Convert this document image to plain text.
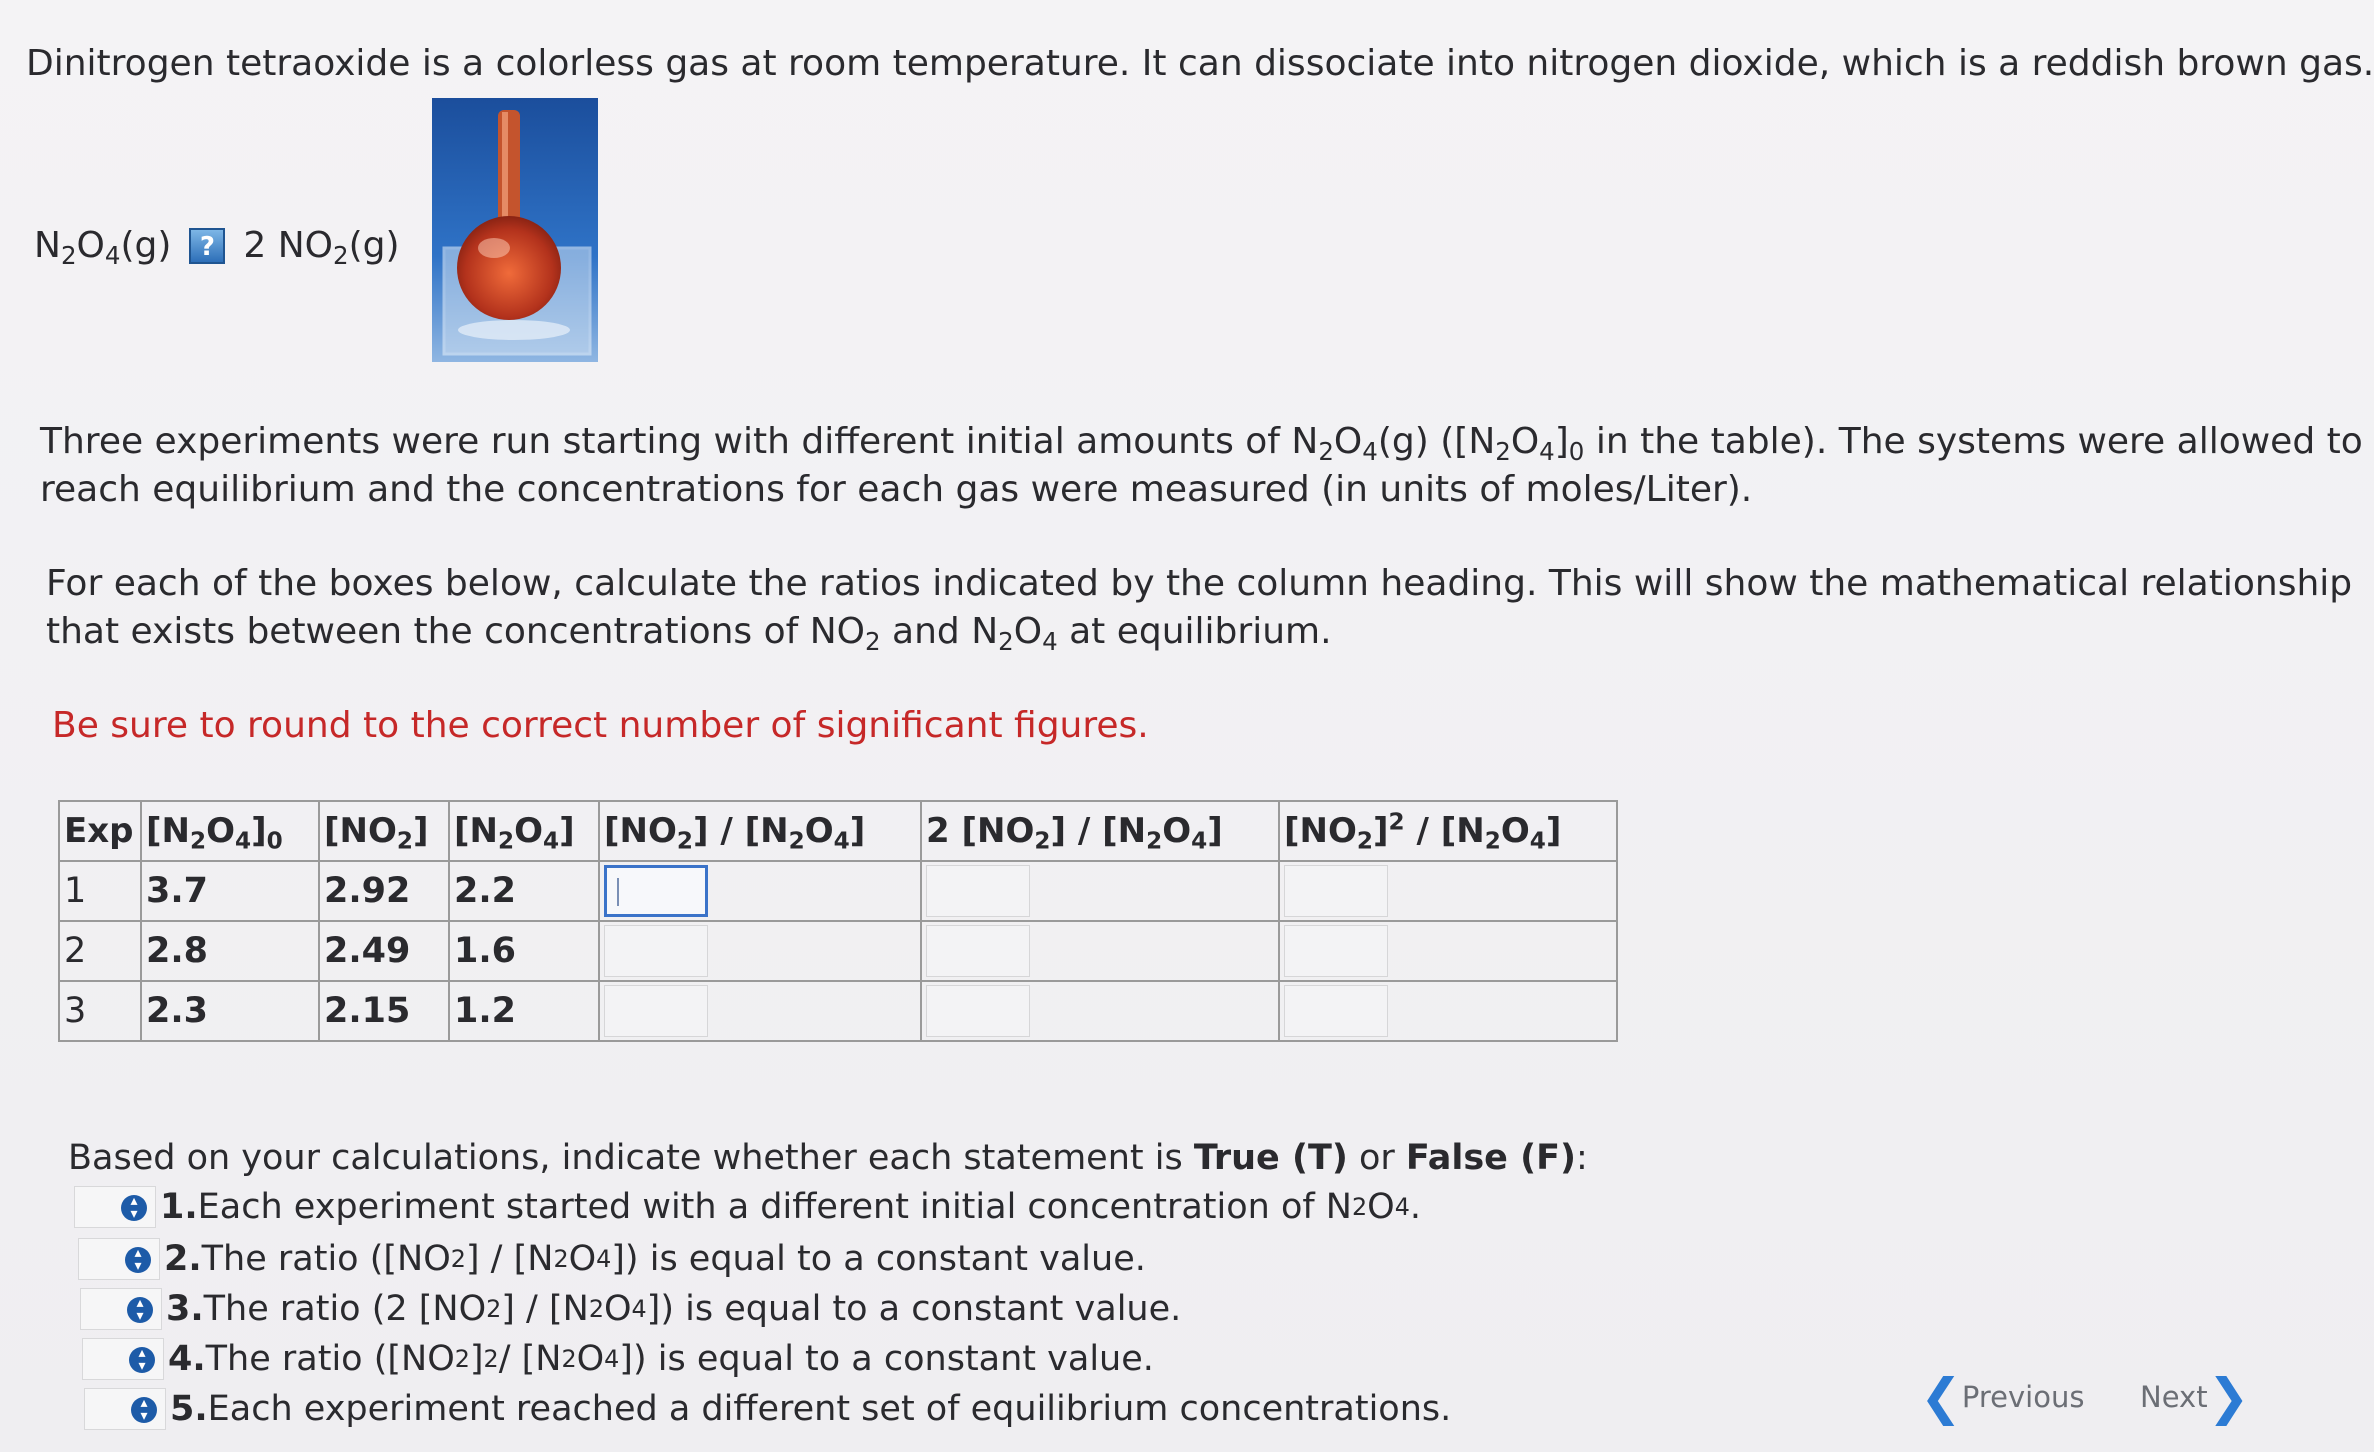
Dinitrogen tetraoxide is a colorless gas at room temperature. It can dissociate into nitrogen dioxide, which is a reddish brown gas.

$N_2O_4(g)$	? 2 $NO_2(g)$
Three experiments were run starting with different initial amounts of $N_2O_4(g)$ ($[N_2O_4]_0$ in the table). The systems were allowed to

reach equilibrium and the concentrations for each gas were measured (in units of moles/Liter).

For each of the boxes below, calculate the ratios indicated by the column heading. This will show the mathematical relationship

that exists between the concentrations of $NO_2$ and $N_2O_4$ at equilibrium.

Be sure to round to the correct number of significant figures.

Exp	$[N_2O_4]_0$	$[NO_2]$	$[N_2O_4]$	$[NO_2] / [N_2O_4]$	2 $[NO_2] / [N_2O_4]$	$[NO_2]^2 / [N_2O_4]$
1	3.7	2.92	2.2	

2	2.8	2.49	1.6	

3	2.3	2.15	1.2	

Based on your calculations, indicate whether each statement is True (T) or False (F):
▴
▾ 1. Each experiment started with a different initial concentration of N 2 O 4 .
▴
▾ 2. The ratio ([NO 2 ] / [N 2 O 4 ]) is equal to a constant value.
▴
▾ 3. The ratio (2 [NO 2 ] / [N 2 O 4 ]) is equal to a constant value.
▴
▾ 4. The ratio ([NO 2 ] 2 / [N 2 O 4 ]) is equal to a constant value.
▴
▾ 5. Each experiment reached a different set of equilibrium concentrations.	❮ Previous Next ❯
